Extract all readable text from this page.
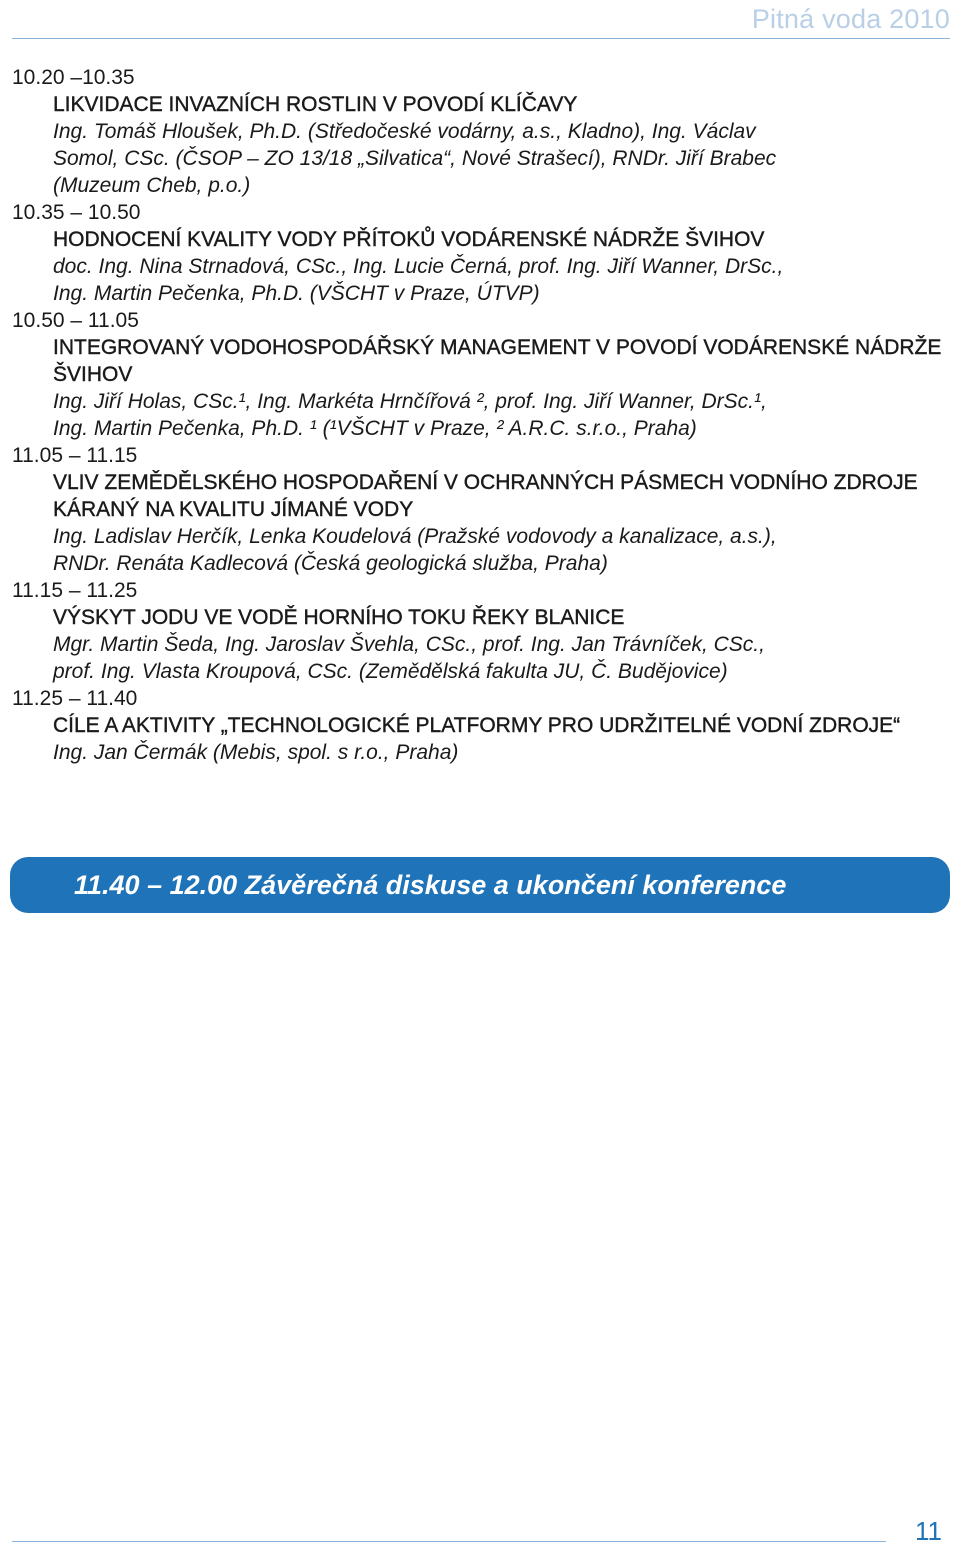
Pitná voda 2010

10.20 –10.35

LIKVIDACE INVAZNÍCH ROSTLIN V POVODÍ KLÍČAVY

Ing. Tomáš Hloušek, Ph.D. (Středočeské vodárny, a.s., Kladno), Ing. Václav
Somol, CSc. (ČSOP – ZO 13/18 „Silvatica“, Nové Strašecí), RNDr. Jiří Brabec
(Muzeum Cheb, p.o.)

10.35 – 10.50

HODNOCENÍ KVALITY VODY PŘÍTOKŮ VODÁRENSKÉ NÁDRŽE ŠVIHOV

doc. Ing. Nina Strnadová, CSc., Ing. Lucie Černá, prof. Ing. Jiří Wanner, DrSc.,
Ing. Martin Pečenka, Ph.D. (VŠCHT v Praze, ÚTVP)

10.50 – 11.05

INTEGROVANÝ VODOHOSPODÁŘSKÝ MANAGEMENT V POVODÍ VODÁRENSKÉ NÁDRŽE ŠVIHOV

Ing. Jiří Holas, CSc.¹, Ing. Markéta Hrnčířová ², prof. Ing. Jiří Wanner, DrSc.¹,
Ing. Martin Pečenka, Ph.D. ¹ (¹VŠCHT v Praze, ² A.R.C. s.r.o., Praha)

11.05 – 11.15

VLIV ZEMĚDĚLSKÉHO HOSPODAŘENÍ V OCHRANNÝCH PÁSMECH VODNÍHO ZDROJE KÁRANÝ NA KVALITU JÍMANÉ VODY

Ing. Ladislav Herčík, Lenka Koudelová (Pražské vodovody a kanalizace, a.s.),
RNDr. Renáta Kadlecová (Česká geologická služba, Praha)

11.15 – 11.25

VÝSKYT JODU VE VODĚ HORNÍHO TOKU ŘEKY BLANICE

Mgr. Martin Šeda, Ing. Jaroslav Švehla, CSc., prof. Ing. Jan Trávníček, CSc.,
prof. Ing. Vlasta Kroupová, CSc. (Zemědělská fakulta JU, Č. Budějovice)

11.25 – 11.40

CÍLE A AKTIVITY „TECHNOLOGICKÉ PLATFORMY PRO UDRŽITELNÉ VODNÍ ZDROJE“

Ing. Jan Čermák (Mebis, spol. s r.o., Praha)

11.40 – 12.00 Závěrečná diskuse a ukončení konference
11
